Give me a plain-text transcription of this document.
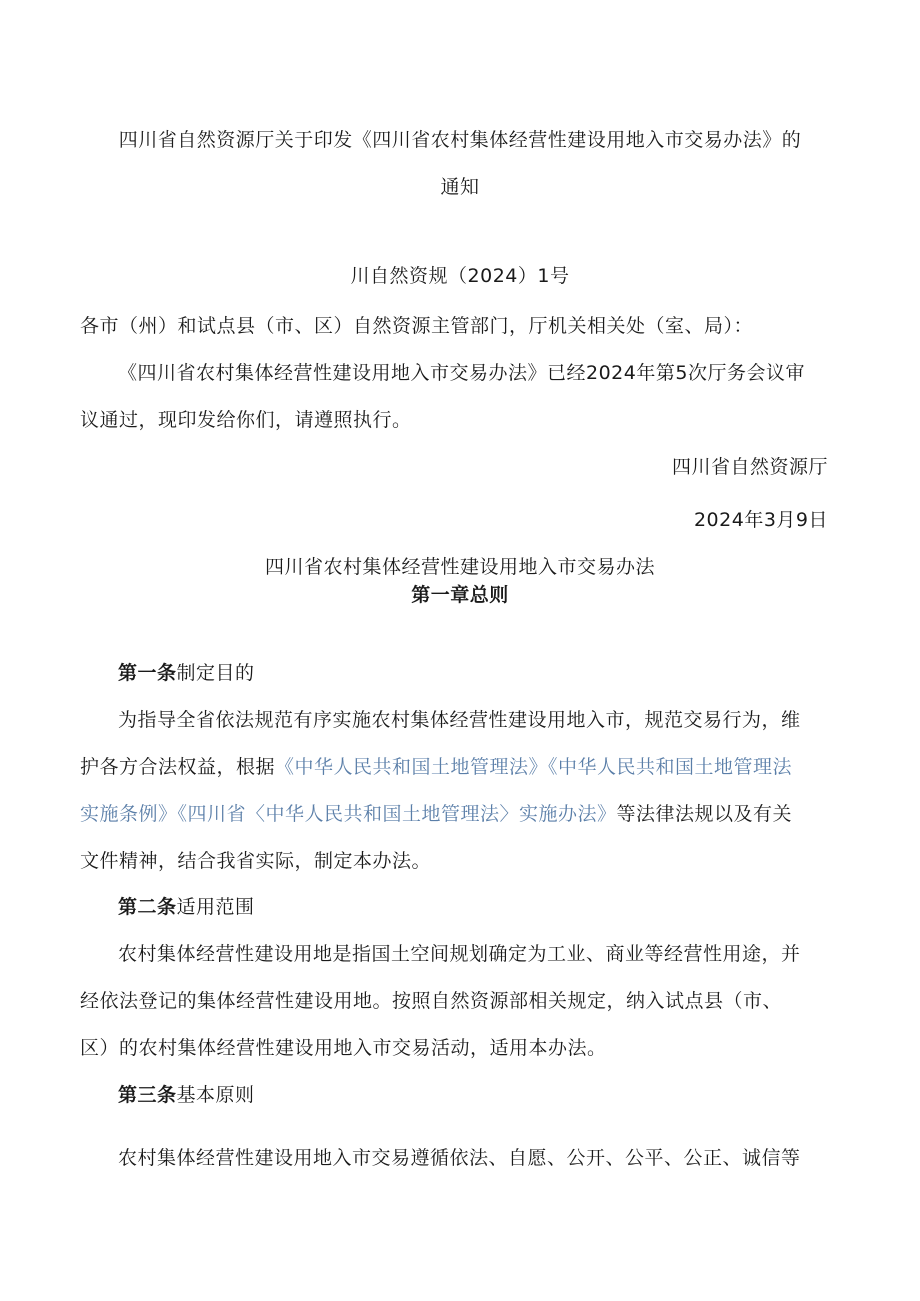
四川省自然资源厅关于印发《四川省农村集体经营性建设用地入市交易办法》的
通知
川自然资规（2024）1号
各市（州）和试点县（市、区）自然资源主管部门，厅机关相关处（室、局）：
《四川省农村集体经营性建设用地入市交易办法》已经2024年第5次厅务会议审
议通过，现印发给你们，请遵照执行。
四川省自然资源厅
2024年3月9日
四川省农村集体经营性建设用地入市交易办法
第一章总则
第一条制定目的
为指导全省依法规范有序实施农村集体经营性建设用地入市，规范交易行为，维
护各方合法权益，根据《中华人民共和国土地管理法》《中华人民共和国土地管理法
实施条例》《四川省〈中华人民共和国土地管理法〉实施办法》等法律法规以及有关
文件精神，结合我省实际，制定本办法。
第二条适用范围
农村集体经营性建设用地是指国土空间规划确定为工业、商业等经营性用途，并
经依法登记的集体经营性建设用地。按照自然资源部相关规定，纳入试点县（市、
区）的农村集体经营性建设用地入市交易活动，适用本办法。
第三条基本原则
农村集体经营性建设用地入市交易遵循依法、自愿、公开、公平、公正、诚信等
